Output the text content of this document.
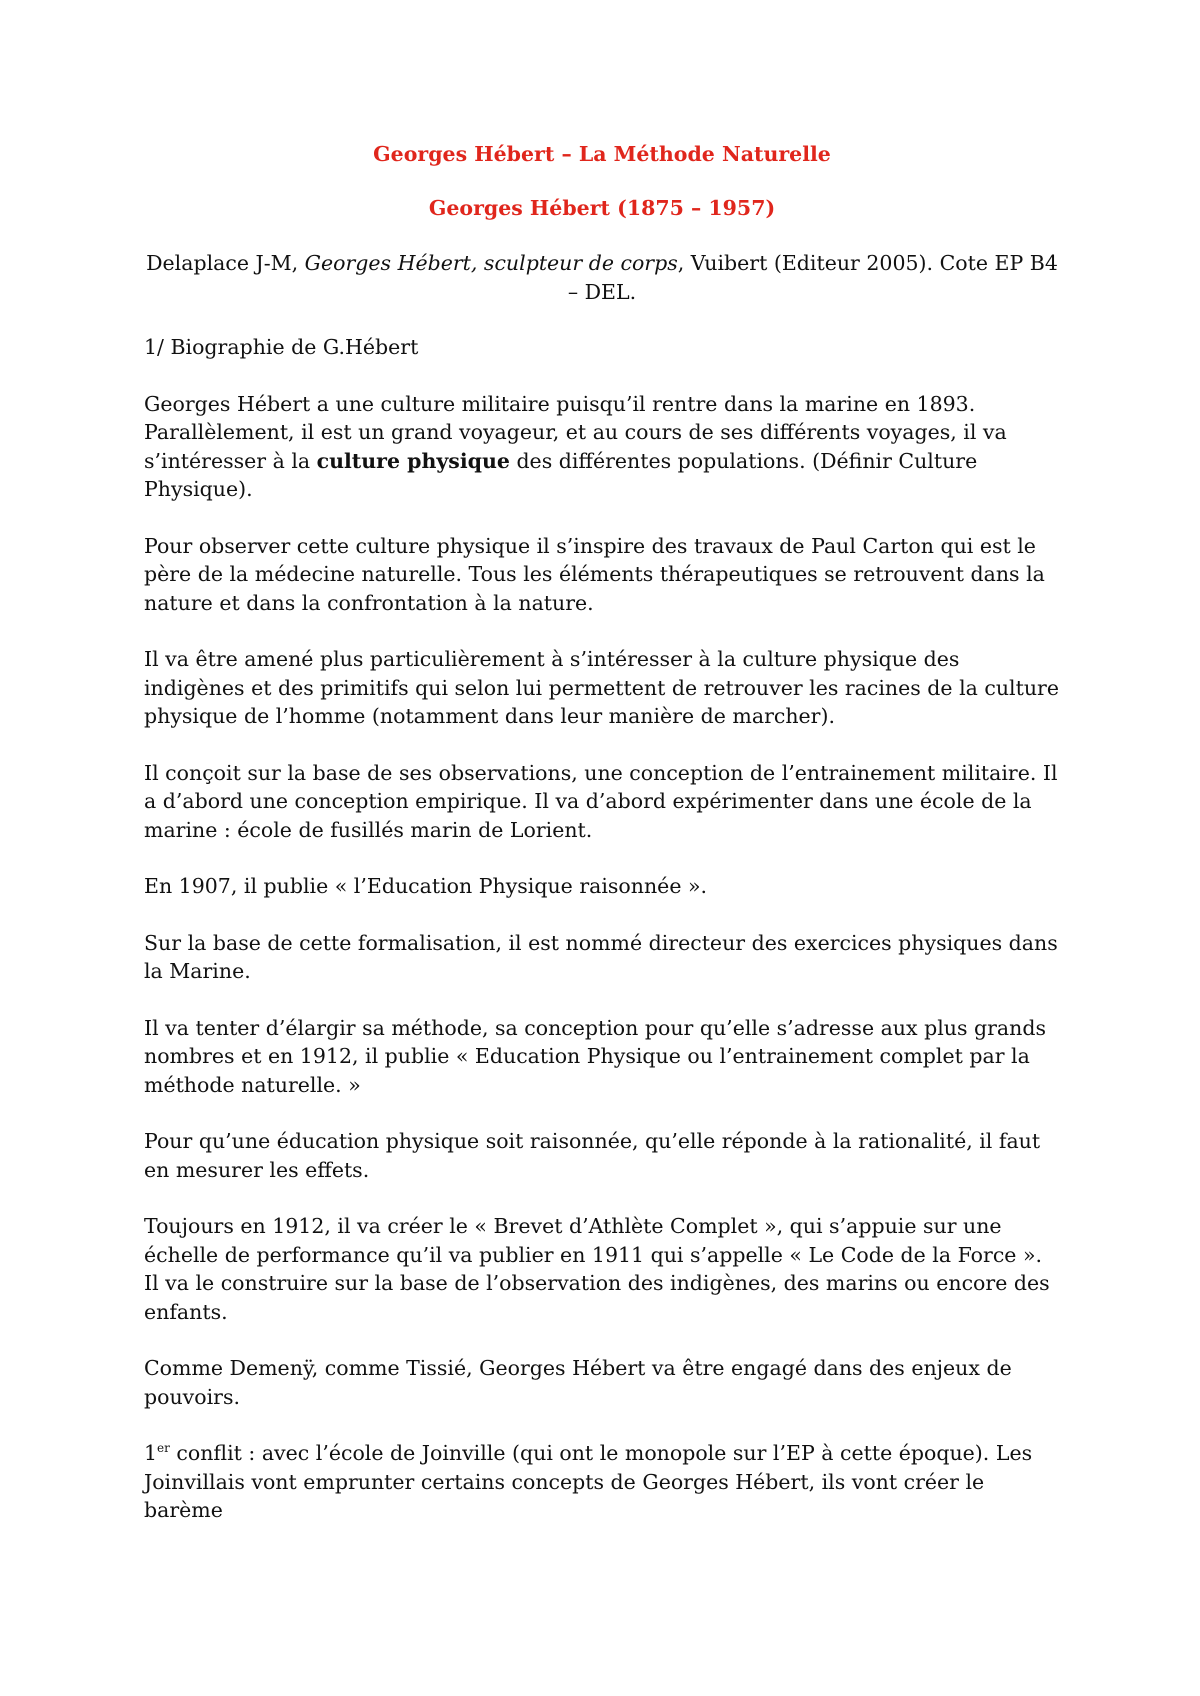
Georges Hébert – La Méthode Naturelle
Georges Hébert (1875 – 1957)
Delaplace J-M, Georges Hébert, sculpteur de corps, Vuibert (Editeur 2005). Cote EP B4 – DEL.

1/ Biographie de G.Hébert

Georges Hébert a une culture militaire puisqu’il rentre dans la marine en 1893. Parallèlement, il est un grand voyageur, et au cours de ses différents voyages, il va s’intéresser à la culture physique des différentes populations. (Définir Culture Physique).

Pour observer cette culture physique il s’inspire des travaux de Paul Carton qui est le père de la médecine naturelle. Tous les éléments thérapeutiques se retrouvent dans la nature et dans la confrontation à la nature.

Il va être amené plus particulièrement à s’intéresser à la culture physique des indigènes et des primitifs qui selon lui permettent de retrouver les racines de la culture physique de l’homme (notamment dans leur manière de marcher).

Il conçoit sur la base de ses observations, une conception de l’entrainement militaire. Il a d’abord une conception empirique. Il va d’abord expérimenter dans une école de la marine : école de fusillés marin de Lorient.

En 1907, il publie « l’Education Physique raisonnée ».

Sur la base de cette formalisation, il est nommé directeur des exercices physiques dans la Marine.

Il va tenter d’élargir sa méthode, sa conception pour qu’elle s’adresse aux plus grands nombres et en 1912, il publie « Education Physique ou l’entrainement complet par la méthode naturelle. »

Pour qu’une éducation physique soit raisonnée, qu’elle réponde à la rationalité, il faut en mesurer les effets.

Toujours en 1912, il va créer le « Brevet d’Athlète Complet », qui s’appuie sur une échelle de performance qu’il va publier en 1911 qui s’appelle « Le Code de la Force ».
Il va le construire sur la base de l’observation des indigènes, des marins ou encore des enfants.

Comme Demenÿ, comme Tissié, Georges Hébert va être engagé dans des enjeux de pouvoirs.

1er conflit : avec l’école de Joinville (qui ont le monopole sur l’EP à cette époque). Les Joinvillais vont emprunter certains concepts de Georges Hébert, ils vont créer le barème
